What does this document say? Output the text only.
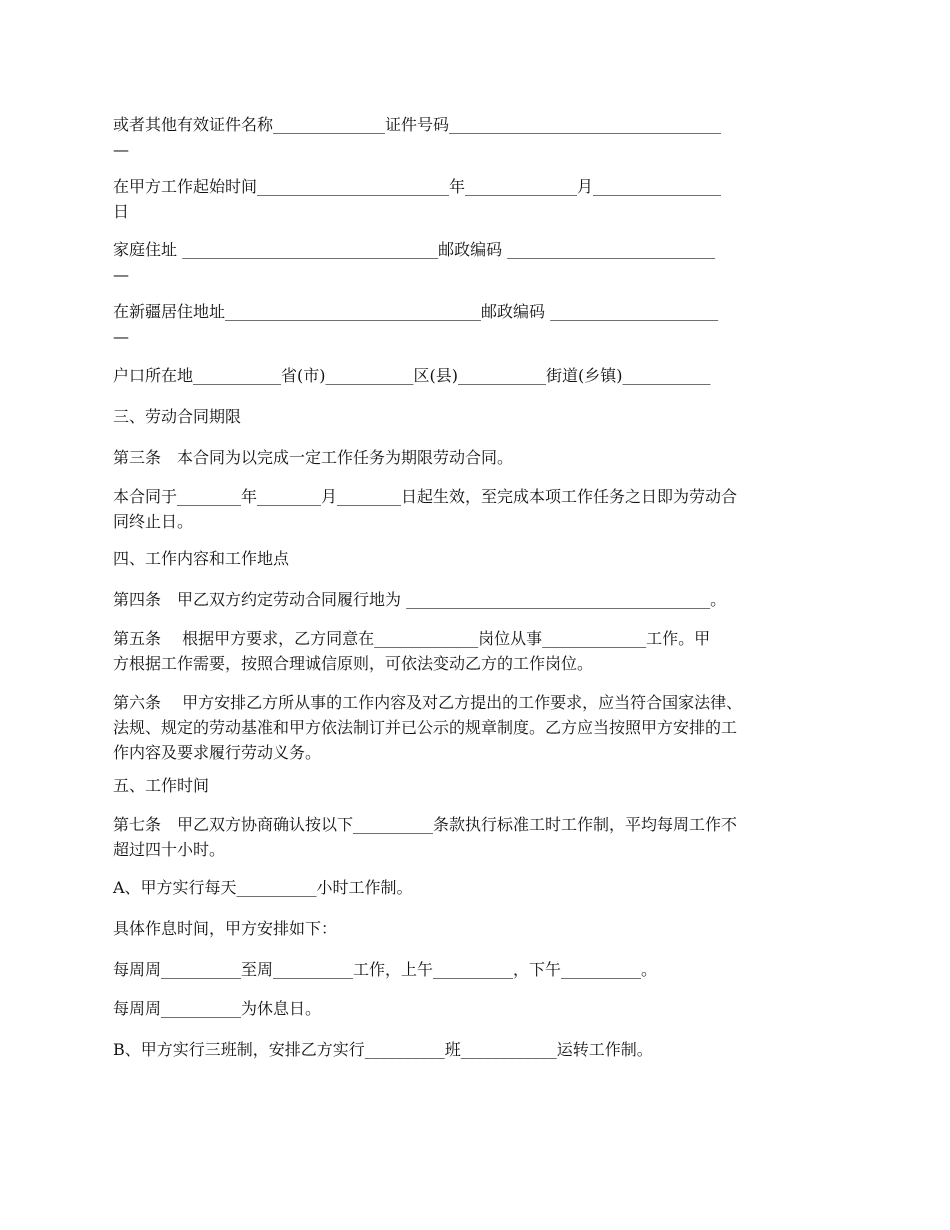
或者其他有效证件名称______________证件号码__________________________________
—

在甲方工作起始时间________________________年______________月________________
日

家庭住址 ________________________________邮政编码 __________________________
—

在新疆居住地址________________________________邮政编码 _____________________
—

户口所在地___________省(市)___________区(县)___________街道(乡镇)___________

三、劳动合同期限

第三条　本合同为以完成一定工作任务为期限劳动合同。

本合同于________年________月________日起生效，至完成本项工作任务之日即为劳动合
同终止日。

四、工作内容和工作地点

第四条　甲乙双方约定劳动合同履行地为 ______________________________________。

第五条　 根据甲方要求，乙方同意在_____________岗位从事_____________工作。甲
方根据工作需要，按照合理诚信原则，可依法变动乙方的工作岗位。

第六条　 甲方安排乙方所从事的工作内容及对乙方提出的工作要求，应当符合国家法律、
法规、规定的劳动基准和甲方依法制订并已公示的规章制度。乙方应当按照甲方安排的工
作内容及要求履行劳动义务。

五、工作时间

第七条　甲乙双方协商确认按以下__________条款执行标准工时工作制，平均每周工作不
超过四十小时。

A、甲方实行每天__________小时工作制。

具体作息时间，甲方安排如下：

每周周__________至周__________工作，上午__________，下午__________。

每周周__________为休息日。

B、甲方实行三班制，安排乙方实行__________班____________运转工作制。
